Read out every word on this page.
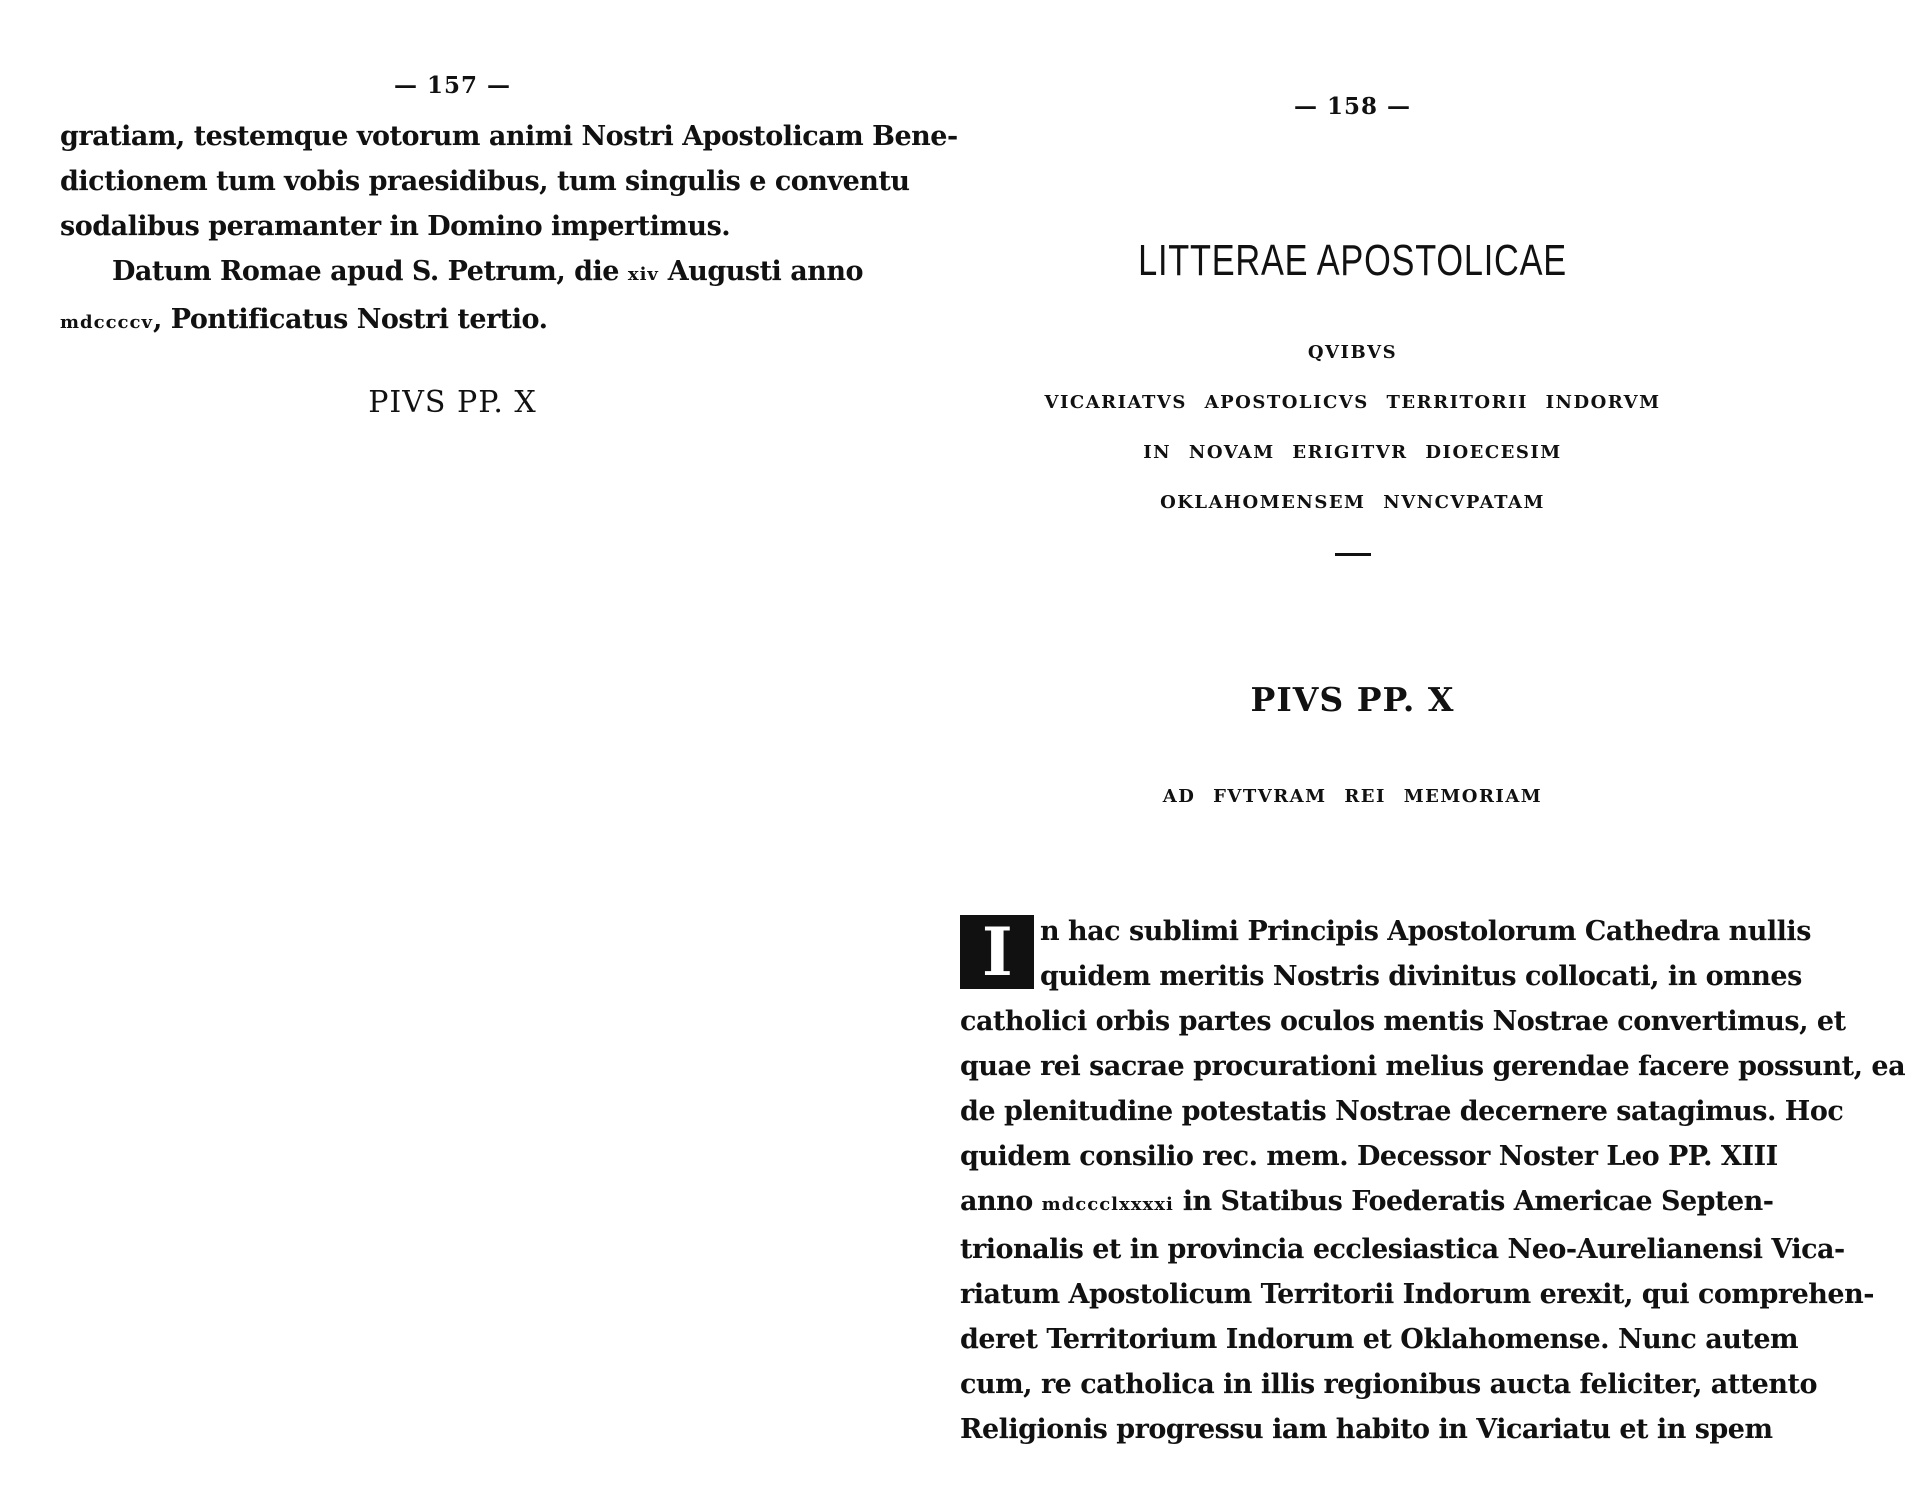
— 157 —
gratiam, testemque votorum animi Nostri Apostolicam Bene-
dictionem tum vobis praesidibus, tum singulis e conventu
sodalibus peramanter in Domino impertimus.
Datum Romae apud S. Petrum, die xiv Augusti anno
mdccccv, Pontificatus Nostri tertio.
PIVS PP. X
— 158 —
LITTERAE APOSTOLICAE
QVIBVS
VICARIATVS APOSTOLICVS TERRITORII INDORVM
IN NOVAM ERIGITVR DIOECESIM
OKLAHOMENSEM NVNCVPATAM
PIVS PP. X
AD FVTVRAM REI MEMORIAM
I	n hac sublimi Principis Apostolorum Cathedra nullis
quidem meritis Nostris divinitus collocati, in omnes
catholici orbis partes oculos mentis Nostrae convertimus, et
quae rei sacrae procurationi melius gerendae facere possunt, ea
de plenitudine potestatis Nostrae decernere satagimus. Hoc
quidem consilio rec. mem. Decessor Noster Leo PP. XIII
anno mdccclxxxxi in Statibus Foederatis Americae Septen-
trionalis et in provincia ecclesiastica Neo-Aurelianensi Vica-
riatum Apostolicum Territorii Indorum erexit, qui comprehen-
deret Territorium Indorum et Oklahomense. Nunc autem
cum, re catholica in illis regionibus aucta feliciter, attento
Religionis progressu iam habito in Vicariatu et in spem
